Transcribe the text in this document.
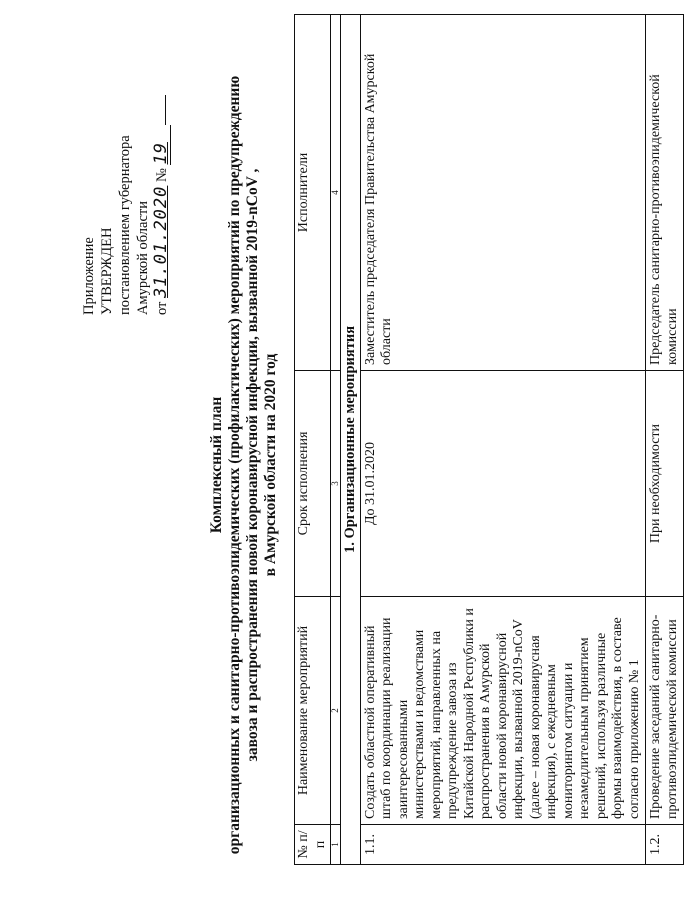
Приложение УТВЕРЖДЕН постановлением губернатора Амурской области от 31.01.2020 № 19
Комплексный план организационных и санитарно-противоэпидемических (профилактических) мероприятий по предупреждению завоза и распространения новой коронавирусной инфекции, вызванной 2019-nCoV , в Амурской области на 2020 год
№ п/п	Наименование мероприятий	Срок исполнения	Исполнители
1	2	3	4
1. Организационные мероприятия			
1.1.	Создать областной оперативный штаб по координации реализации заинтересованными министерствами и ведомствами мероприятий, направленных на предупреждение завоза из Китайской Народной Республики и распространения в Амурской области новой коронавирусной инфекции, вызванной 2019-nCoV (далее – новая коронавирусная инфекция), с ежедневным мониторингом ситуации и незамедлительным принятием решений, используя различные формы взаимодействия, в составе согласно приложению № 1	До 31.01.2020	Заместитель председателя Правительства Амурской области
1.2.	Проведение заседаний санитарно-противоэпидемической комиссии	При необходимости	Председатель санитарно-противоэпидемической комиссии
